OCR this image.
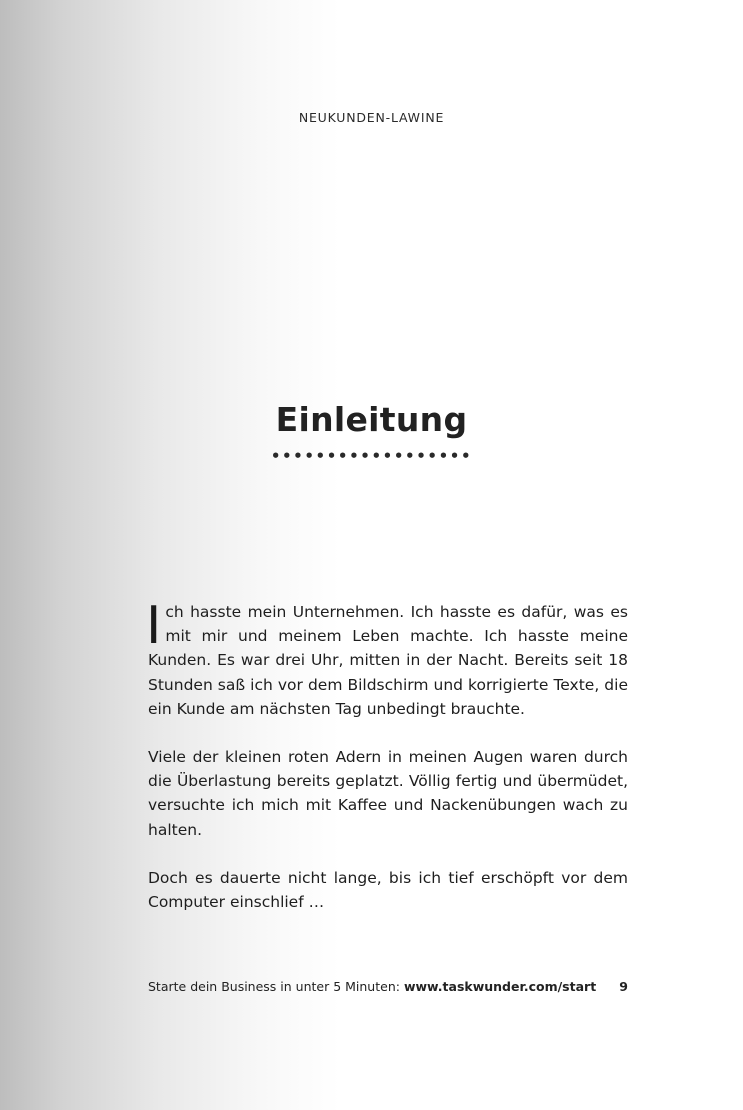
NEUKUNDEN-LAWINE
Einleitung
••••••••••••••••••

Ich hasste mein Unternehmen. Ich hasste es dafür, was es mit mir und meinem Leben machte. Ich hasste meine Kunden. Es war drei Uhr, mitten in der Nacht. Bereits seit 18 Stunden saß ich vor dem Bildschirm und korrigierte Texte, die ein Kunde am nächsten Tag unbedingt brauchte.

Viele der kleinen roten Adern in meinen Augen waren durch die Überlastung bereits geplatzt. Völlig fertig und übermüdet, versuchte ich mich mit Kaffee und Nackenübungen wach zu halten.

Doch es dauerte nicht lange, bis ich tief erschöpft vor dem Computer einschlief …

Starte dein Business in unter 5 Minuten: www.taskwunder.com/start 9
